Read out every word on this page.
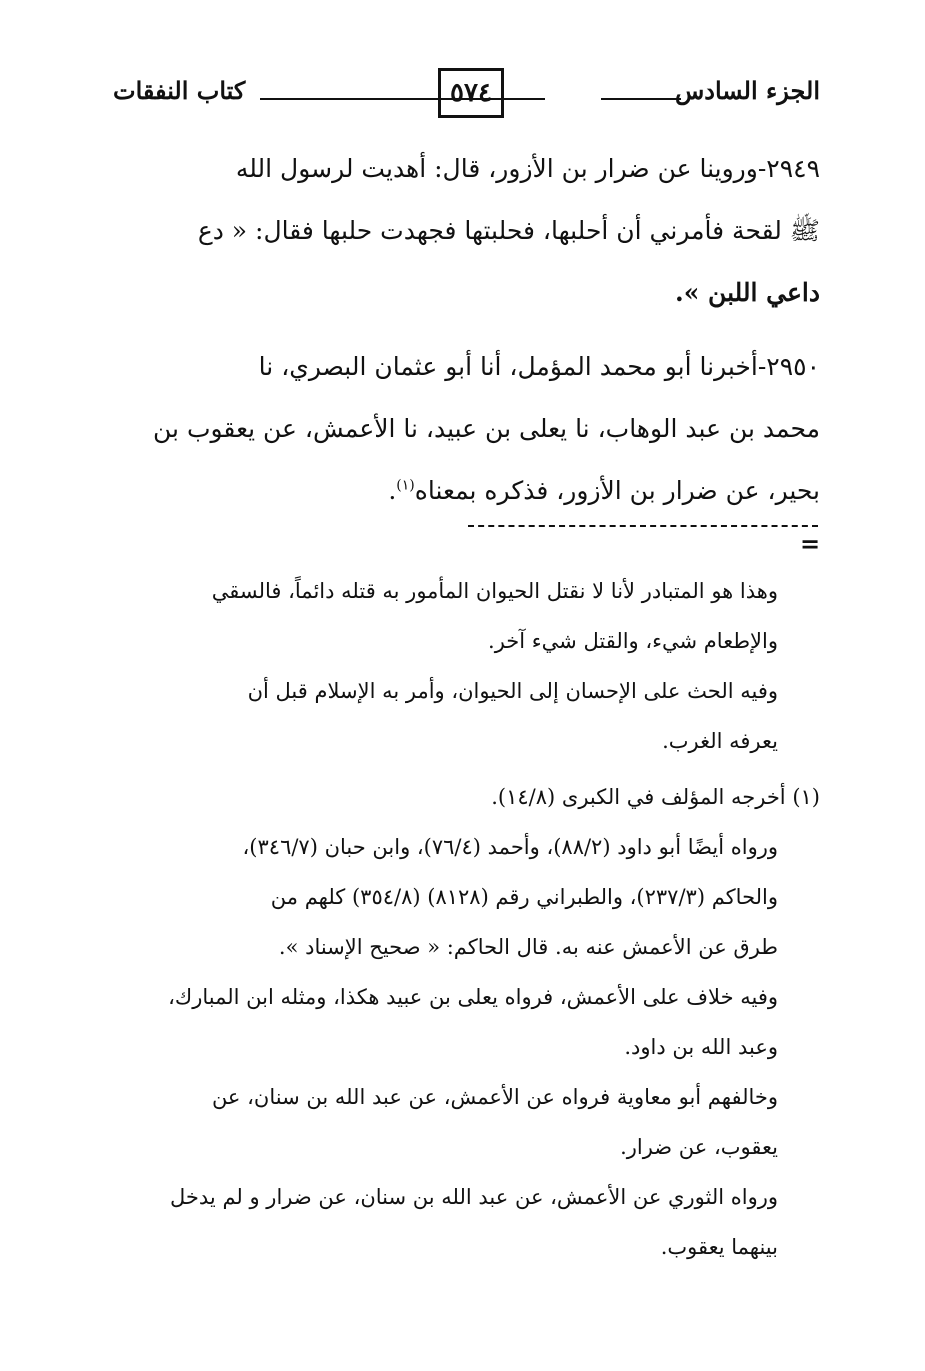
الجزء السادس
٥٧٤
كتاب النفقات

٢٩٤٩-وروينا عن ضرار بن الأزور، قال: أهديت لرسول الله
ﷺ لقحة فأمرني أن أحلبها، فحلبتها فجهدت حلبها فقال: « دع
داعي اللبن ».

٢٩٥٠-أخبرنا أبو محمد المؤمل، أنا أبو عثمان البصري، نا
محمد بن عبد الوهاب، نا يعلى بن عبيد، نا الأعمش، عن يعقوب بن
بحير، عن ضرار بن الأزور، فذكره بمعناه$^{(١)}$.

=

وهذا هو المتبادر لأنا لا نقتل الحيوان المأمور به قتله دائماً، فالسقي

والإطعام شيء، والقتل شيء آخر.

وفيه الحث على الإحسان إلى الحيوان، وأمر به الإسلام قبل أن

يعرفه الغرب.

(١) أخرجه المؤلف في الكبرى (١٤/٨).

ورواه أيضًا أبو داود (٨٨/٢)، وأحمد (٧٦/٤)، وابن حبان (٣٤٦/٧)،

والحاكم (٢٣٧/٣)، والطبراني رقم (٨١٢٨) (٣٥٤/٨) كلهم من

طرق عن الأعمش عنه به. قال الحاكم: « صحيح الإسناد ».

وفيه خلاف على الأعمش، فرواه يعلى بن عبيد هكذا، ومثله ابن المبارك،

وعبد الله بن داود.

وخالفهم أبو معاوية فرواه عن الأعمش، عن عبد الله بن سنان، عن

يعقوب، عن ضرار.

ورواه الثوري عن الأعمش، عن عبد الله بن سنان، عن ضرار و لم يدخل

بينهما يعقوب.
